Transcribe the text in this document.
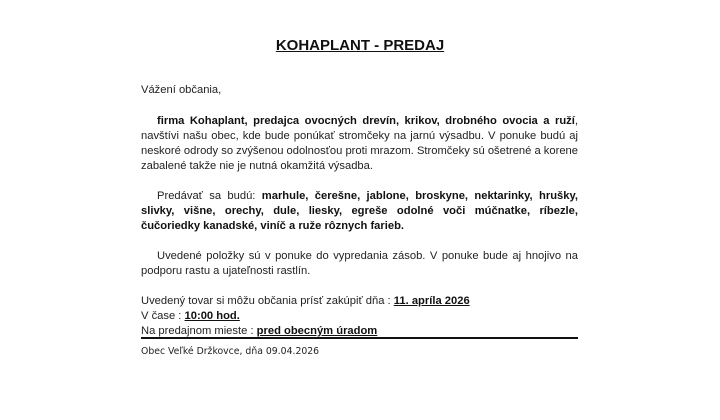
KOHAPLANT - PREDAJ
Vážení občania,
firma Kohaplant, predajca ovocných drevín, krikov, drobného ovocia a ruží, navštívi našu obec, kde bude ponúkať stromčeky na jarnú výsadbu. V ponuke budú aj neskoré odrody so zvýšenou odolnosťou proti mrazom. Stromčeky sú ošetrené a korene zabalené takže nie je nutná okamžitá výsadba.
Predávať sa budú: marhule, čerešne, jablone, broskyne, nektarinky, hrušky, slivky, višne, orechy, dule, liesky, egreše odolné voči múčnatke, ríbezle, čučoriedky kanadské, viníč a ruže rôznych farieb.
Uvedené položky sú v ponuke do vypredania zásob. V ponuke bude aj hnojivo na podporu rastu a ujateľnosti rastlín.
Uvedený tovar si môžu občania prísť zakúpiť dňa : 11. apríla 2026
V čase : 10:00 hod.
Na predajnom mieste : pred obecným úradom
Obec Veľké Držkovce, dňa 09.04.2026
